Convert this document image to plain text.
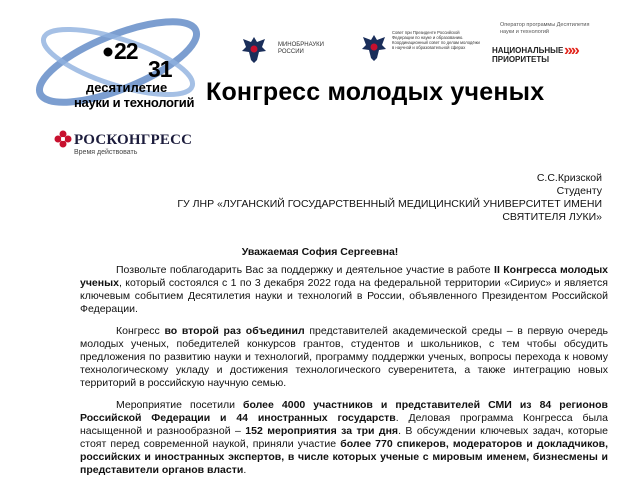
22
31
десятилетие
науки и технологий
МИНОБРНАУКИ РОССИИ
Совет при Президенте Российской Федерации по науке и образованию. Координационный совет по делам молодёжи в научной и образовательной сферах
Оператор программы Десятилетия науки и технологий
НАЦИОНАЛЬНЫЕ
ПРИОРИТЕТЫ
»»
Конгресс молодых ученых
РОСКОНГРЕСС
Время действовать
С.С.Кризской
Студенту
ГУ ЛНР «ЛУГАНСКИЙ ГОСУДАРСТВЕННЫЙ МЕДИЦИНСКИЙ УНИВЕРСИТЕТ ИМЕНИ
СВЯТИТЕЛЯ ЛУКИ»
Уважаемая София Сергеевна!

Позвольте поблагодарить Вас за поддержку и деятельное участие в работе II Конгресса молодых ученых, который состоялся с 1 по 3 декабря 2022 года на федеральной территории «Сириус» и является ключевым событием Десятилетия науки и технологий в России, объявленного Президентом Российской Федерации.

Конгресс во второй раз объединил представителей академической среды – в первую очередь молодых ученых, победителей конкурсов грантов, студентов и школьников, с тем чтобы обсудить предложения по развитию науки и технологий, программу поддержки ученых, вопросы перехода к новому технологическому укладу и достижения технологического суверенитета, а также интеграцию новых территорий в российскую научную семью.

Мероприятие посетили более 4000 участников и представителей СМИ из 84 регионов Российской Федерации и 44 иностранных государств. Деловая программа Конгресса была насыщенной и разнообразной – 152 мероприятия за три дня. В обсуждении ключевых задач, которые стоят перед современной наукой, приняли участие более 770 спикеров, модераторов и докладчиков, российских и иностранных экспертов, в числе которых ученые с мировым именем, бизнесмены и представители органов власти.
